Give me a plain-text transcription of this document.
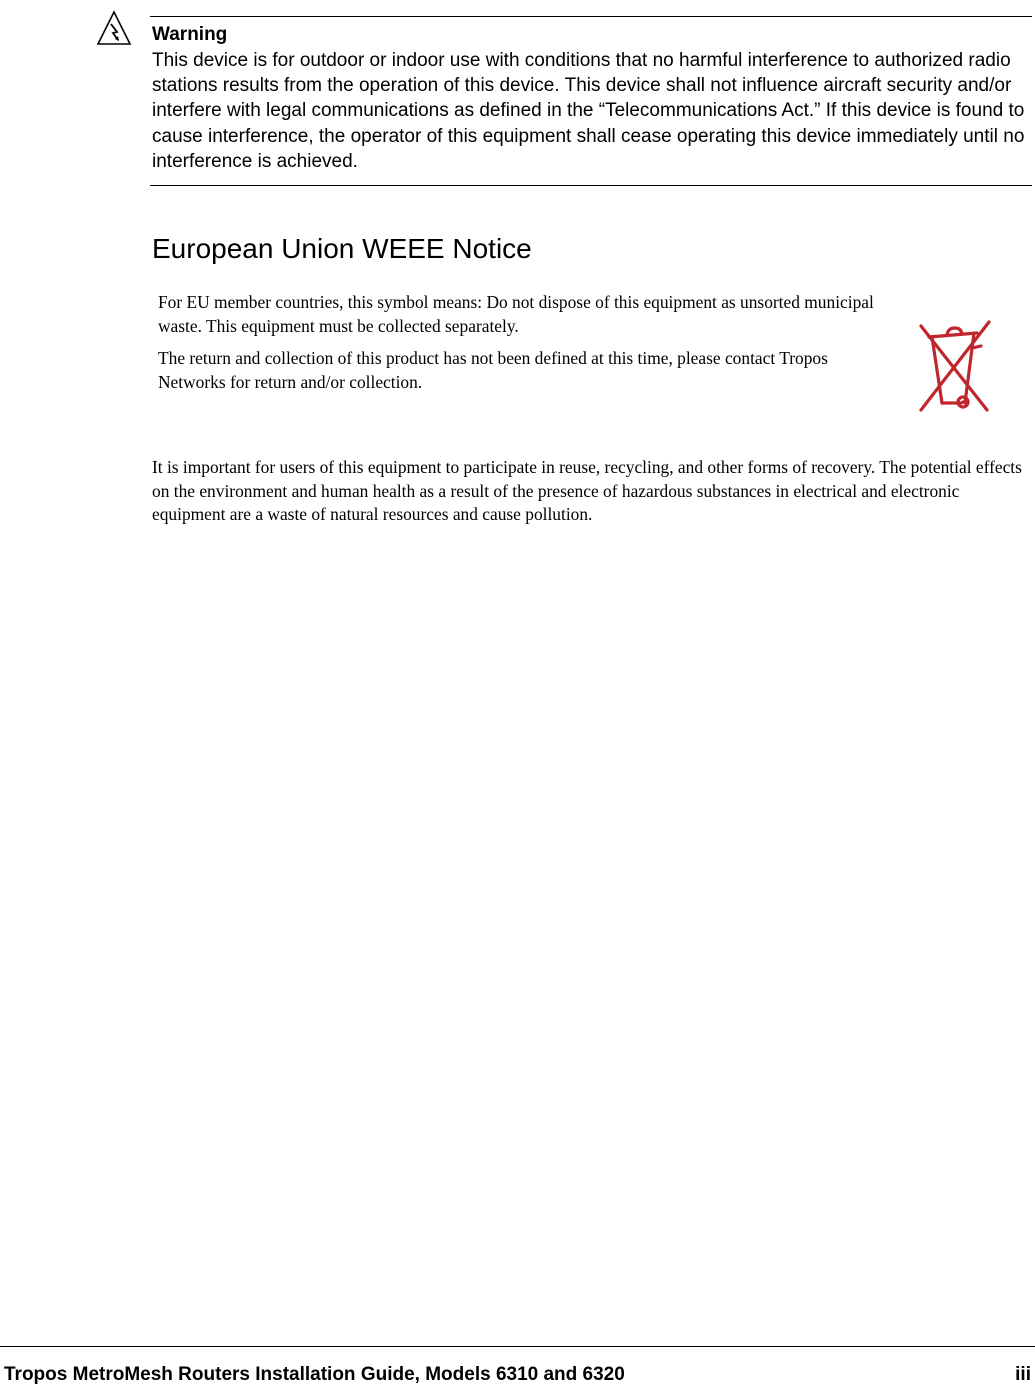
Warning

This device is for outdoor or indoor use with conditions that no harmful interference to authorized radio stations results from the operation of this device. This device shall not influence aircraft security and/or interfere with legal communications as defined in the “Telecommunications Act.” If this device is found to cause interference, the operator of this equipment shall cease operating this device immediately until no interference is achieved.

European Union WEEE Notice

For EU member countries, this symbol means: Do not dispose of this equipment as unsorted municipal waste. This equipment must be collected separately.

The return and collection of this product has not been defined at this time, please contact Tropos Networks for return and/or collection.

It is important for users of this equipment to participate in reuse, recycling, and other forms of recovery. The potential effects on the environment and human health as a result of the presence of hazardous substances in electrical and electronic equipment are a waste of natural resources and cause pollution.

Tropos MetroMesh Routers Installation Guide, Models 6310 and 6320	iii
